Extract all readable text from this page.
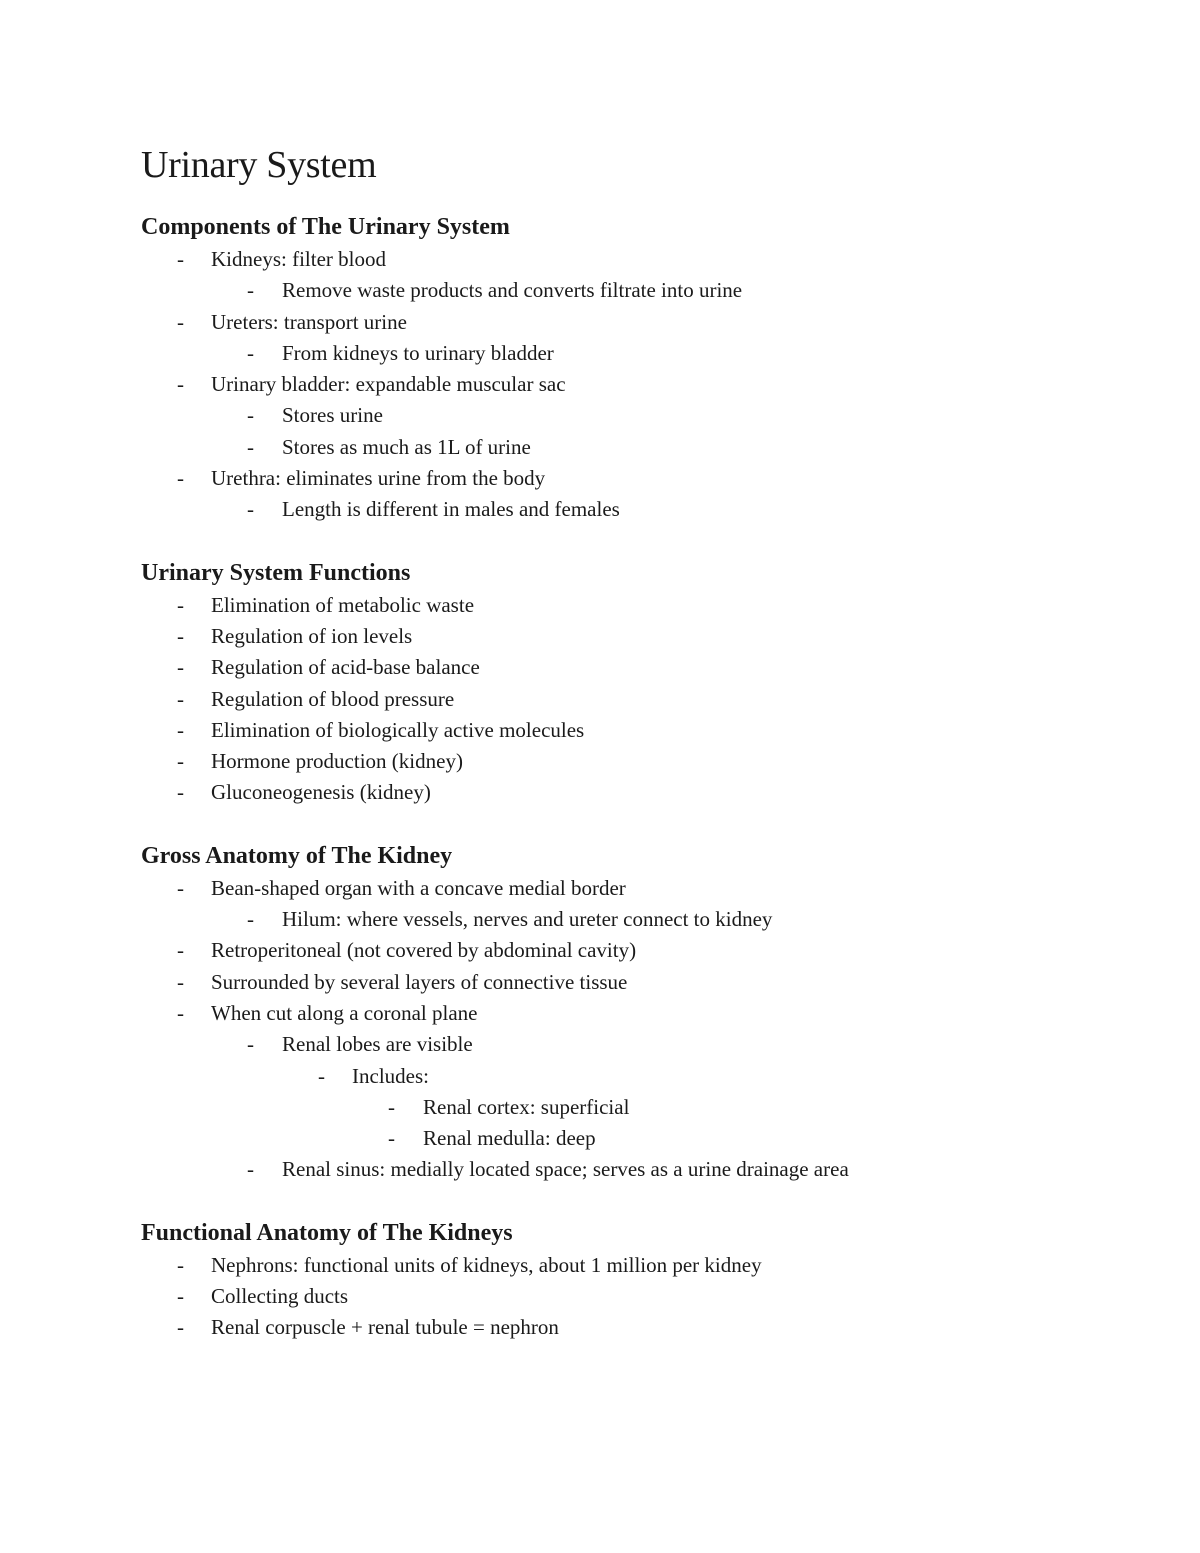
Urinary System
Components of The Urinary System
-	Kidneys: filter blood
-	Remove waste products and converts filtrate into urine
-	Ureters: transport urine
-	From kidneys to urinary bladder
-	Urinary bladder: expandable muscular sac
-	Stores urine
-	Stores as much as 1L of urine
-	Urethra: eliminates urine from the body
-	Length is different in males and females
Urinary System Functions
-	Elimination of metabolic waste
-	Regulation of ion levels
-	Regulation of acid-base balance
-	Regulation of blood pressure
-	Elimination of biologically active molecules
-	Hormone production (kidney)
-	Gluconeogenesis (kidney)
Gross Anatomy of The Kidney
-	Bean-shaped organ with a concave medial border
-	Hilum: where vessels, nerves and ureter connect to kidney
-	Retroperitoneal (not covered by abdominal cavity)
-	Surrounded by several layers of connective tissue
-	When cut along a coronal plane
-	Renal lobes are visible
-	Includes:
-	Renal cortex: superficial
-	Renal medulla: deep
-	Renal sinus: medially located space; serves as a urine drainage area
Functional Anatomy of The Kidneys
-	Nephrons: functional units of kidneys, about 1 million per kidney
-	Collecting ducts
-	Renal corpuscle + renal tubule = nephron
